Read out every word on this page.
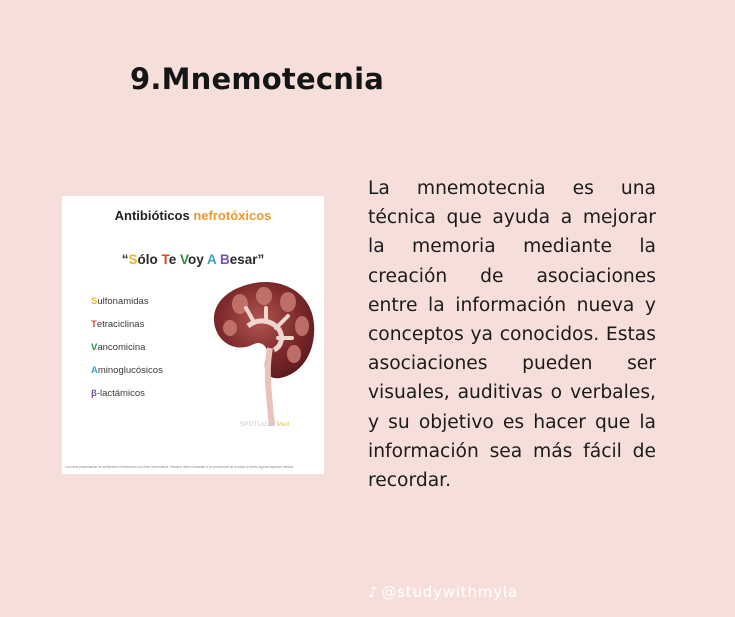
9.Mnemotecnia
Antibióticos nefrotóxicos
“Sólo Te Voy A Besar”
Sulfonamidas
Tetraciclinas
Vancomicina
Aminoglucósicos
β-lactámicos
SPOTLIGHTMed
La nueva presentación de antibióticos nefrotóxicos con fines informativos. Siempre debes consultar a un profesional de la salud si tienes alguna inquietud médica.
La mnemotecnia es una técnica que ayuda a mejorar la memoria mediante la creación de asociaciones entre la información nueva y conceptos ya conocidos. Estas asociaciones pueden ser visuales, auditivas o verbales, y su objetivo es hacer que la información sea más fácil de recordar.
♪ @studywithmyla
